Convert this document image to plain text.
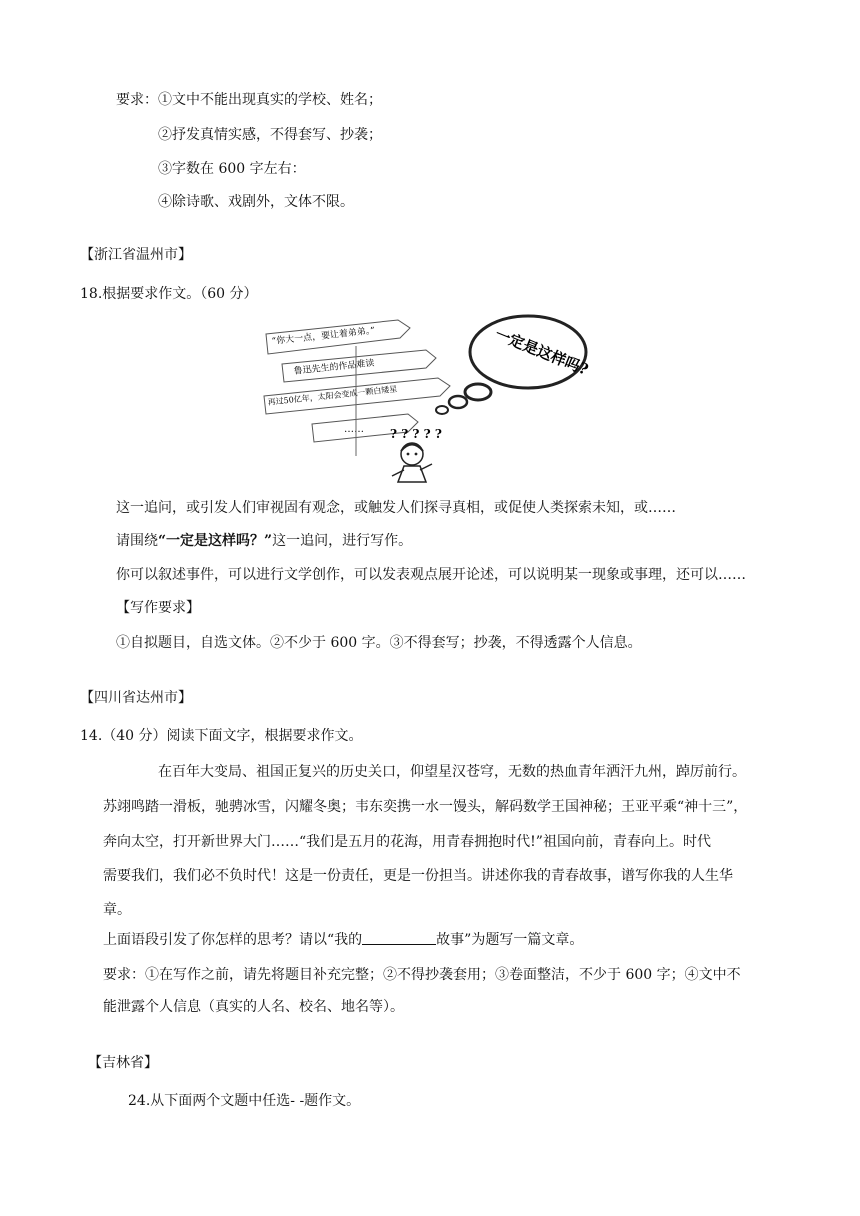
要求：①文中不能出现真实的学校、姓名；
②抒发真情实感，不得套写、抄袭；
③字数在 600 字左右：
④除诗歌、戏剧外，文体不限。
【浙江省温州市】
18.根据要求作文。（60 分）
“你大一点，要让着弟弟。”
鲁迅先生的作品难读
再过50亿年，太阳会变成一颗白矮星
……
一定是这样吗?
? ? ? ? ?
这一追问，或引发人们审视固有观念，或触发人们探寻真相，或促使人类探索未知，或……
请围绕“一定是这样吗？”这一追问，进行写作。
你可以叙述事件，可以进行文学创作，可以发表观点展开论述，可以说明某一现象或事理，还可以……
【写作要求】
①自拟题目，自选文体。②不少于 600 字。③不得套写；抄袭，不得透露个人信息。
【四川省达州市】
14.（40 分）阅读下面文字，根据要求作文。
在百年大变局、祖国正复兴的历史关口，仰望星汉苍穹，无数的热血青年洒汗九州，踔厉前行。
苏翊鸣踏一滑板，驰骋冰雪，闪耀冬奥；韦东奕携一水一馒头，解码数学王国神秘；王亚平乘“神十三”，
奔向太空，打开新世界大门……“我们是五月的花海，用青春拥抱时代!”祖国向前，青春向上。时代
需要我们，我们必不负时代！这是一份责任，更是一份担当。讲述你我的青春故事，谱写你我的人生华
章。
上面语段引发了你怎样的思考？请以“我的	故事”为题写一篇文章。
要求：①在写作之前，请先将题目补充完整；②不得抄袭套用；③卷面整洁，不少于 600 字；④文中不
能泄露个人信息（真实的人名、校名、地名等）。
【吉林省】
24.从下面两个文题中任选- -题作文。
